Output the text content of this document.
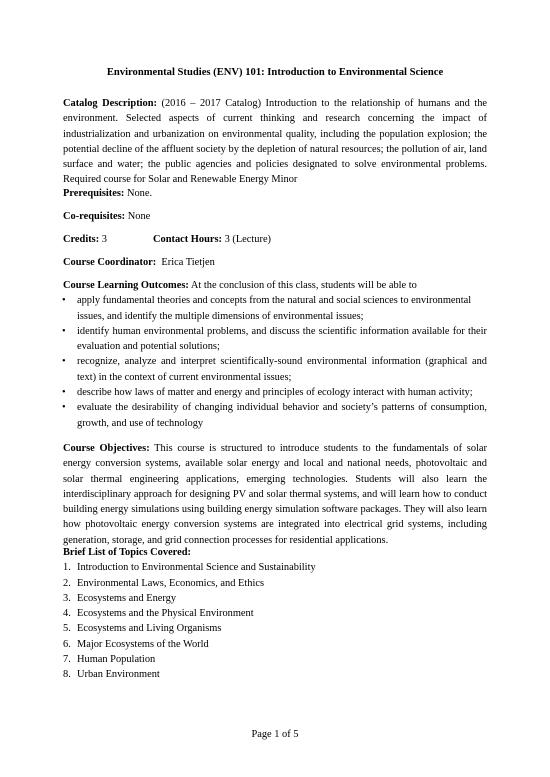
Environmental Studies (ENV) 101: Introduction to Environmental Science
Catalog Description: (2016 – 2017 Catalog) Introduction to the relationship of humans and the environment. Selected aspects of current thinking and research concerning the impact of industrialization and urbanization on environmental quality, including the population explosion; the potential decline of the affluent society by the depletion of natural resources; the pollution of air, land surface and water; the public agencies and policies designated to solve environmental problems. Required course for Solar and Renewable Energy Minor
Prerequisites: None.
Co-requisites: None
Credits: 3	Contact Hours: 3 (Lecture)
Course Coordinator:  Erica Tietjen
Course Learning Outcomes: At the conclusion of this class, students will be able to
• apply fundamental theories and concepts from the natural and social sciences to environmental issues, and identify the multiple dimensions of environmental issues;
• identify human environmental problems, and discuss the scientific information available for their evaluation and potential solutions;
• recognize, analyze and interpret scientifically-sound environmental information (graphical and text) in the context of current environmental issues;
• describe how laws of matter and energy and principles of ecology interact with human activity;
• evaluate the desirability of changing individual behavior and society’s patterns of consumption, growth, and use of technology
Course Objectives: This course is structured to introduce students to the fundamentals of solar energy conversion systems, available solar energy and local and national needs, photovoltaic and solar thermal engineering applications, emerging technologies. Students will also learn the interdisciplinary approach for designing PV and solar thermal systems, and will learn how to conduct building energy simulations using building energy simulation software packages. They will also learn how photovoltaic energy conversion systems are integrated into electrical grid systems, including generation, storage, and grid connection processes for residential applications.
Brief List of Topics Covered:
1. Introduction to Environmental Science and Sustainability
2. Environmental Laws, Economics, and Ethics
3. Ecosystems and Energy
4. Ecosystems and the Physical Environment
5. Ecosystems and Living Organisms
6. Major Ecosystems of the World
7. Human Population
8. Urban Environment
Page 1 of 5
